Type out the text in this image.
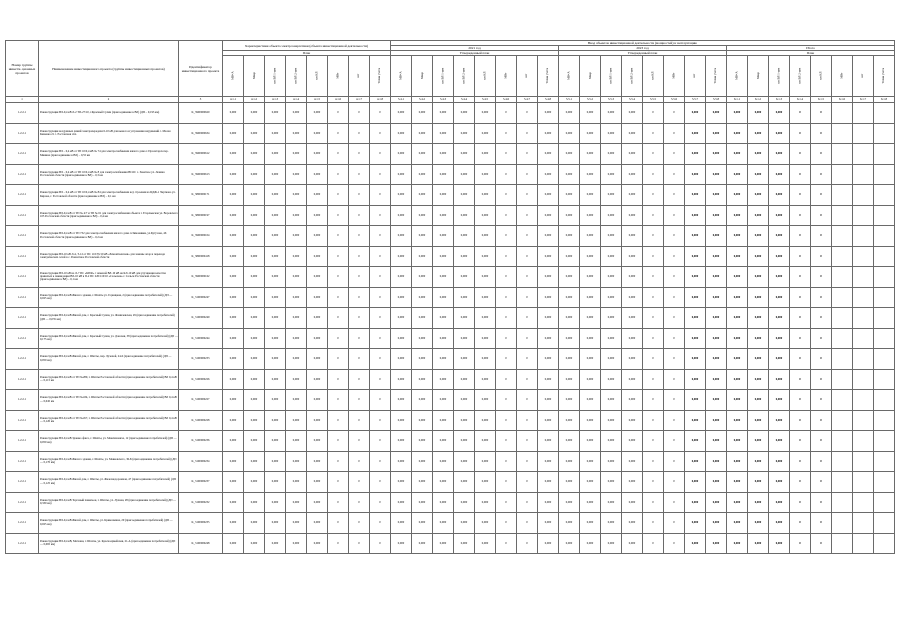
Номер группы инвести- ционных проектов	Наименование инвестиционного проекта (группы инвестиционных проектов)	Идентификатор инвестиционного проекта	Характеристики объекта электроэнергетики (объекта инвестиционной деятельности)								Ввод объектов инвестиционной деятельности (мощностей) в эксплуатацию																							
											2021 год								2023 год								Итого							
			План								Утвержденный план								Утвержденный план								План							
			МВ×А	Мвар	км ВЛ 1-цеп	км ВЛ 2-цеп	км КЛ	МВт	шт	Точки учета	МВ×А	Мвар	км ВЛ 1-цеп	км ВЛ 2-цеп	км КЛ	МВт	шт	Точки учета	МВ×А	Мвар	км ВЛ 1-цеп	км ВЛ 2-цеп	км КЛ	МВт	шт	Точки учета	МВ×А	Мвар	км ВЛ 1-цеп	км ВЛ 2-цеп	км КЛ	МВт	шт	Точки учета
1	2	3	4.1.1	4.1.2	4.1.3	4.1.4	4.1.5	4.1.6	4.1.7	4.1.8	5.4.1	5.4.2	5.4.3	5.4.4	5.4.5	5.4.6	5.4.7	5.4.8	5.5.1	5.5.2	5.5.3	5.5.4	5.5.5	5.5.6	5.5.7	5.5.8	6.1.1	6.1.2	6.1.3	6.1.4	6.1.5	6.1.6	6.1.7	6.1.8
1.2.2.1	Реконструкция ВЛ-0,4 кВ Л-2 ТП-27/10, г.Красный Сулин (присоединение к ВЛ) (ДП – 0,193 км)	K_3900000620	0,000	0,000	0,000	0,000	0,000	0	0	0	0,000	0,000	0,000	0,000	0,000	0	0	0,000	0,000	0,000	0,000	0,000	0	0	0,000	0,000	0,000	0,000	0,000	0	0			
1.2.2.1	Реконструкция воздушных линий электропередачи 6-10 кВ для выноса и устранения нарушений с. Малая Каменка 21 с. Ростовская обл.	K_3900000634	0,000	0,000	0,000	0,000	0,000	0	0	0	0,000	0,000	0,000	0,000	0,000	0	0	0,000	0,000	0,000	0,000	0,000	0	0	0,000	0,000	0,000	0,000	0,000	0	0			
1.2.2.1	Реконструкция ВЛ – 0,4 кВ от ТП 10/0,4 кВ № 74 для электроснабжения жилого дома г. Пролетарск пер. Минина (присоединение к ВЛ) – 0,55 км	K_3900000612	0,000	0,000	0,000	0,000	0,000	0	0	0	0,000	0,000	0,000	0,000	0,000	0	0	0,000	0,000	0,000	0,000	0,000	0	0	0,000	0,000	0,000	0,000	0,000	0	0			
1.2.2.1	Реконструкция ВЛ – 0,4 кВ от ТП 10/0,4 кВ № 8 для электроснабжения ВСОС с. Заветное ул. Ленина Ростовской области (присоединение к ВЛ) – 0,3 км	K_3900000613	0,000	0,000	0,000	0,000	0,000	0	0	0	0,000	0,000	0,000	0,000	0,000	0	0	0,000	0,000	0,000	0,000	0,000	0	0	0,000	0,000	0,000	0,000	0,000	0	0			
1.2.2.1	Реконструкция ВЛ – 0,4 кВ от ТП 10/0,4 кВ № 84 для электроснабжения ж/д строения на ЦДЖ-1 Чертково ул. Кирова, г. Ростовской области (присоединение к ВЛ) – 0,1 км	K_3800000171	0,000	0,000	0,000	0,000	0,000	0	0	0	0,000	0,000	0,000	0,000	0,000	0	0	0,000	0,000	0,000	0,000	0,000	0	0	0,000	0,000	0,000	0,000	0,000	0	0			
1.2.2.1	Реконструкция ВЛ-0,4 кВ от ТП № 4/7 и ТП № 61 для электроснабжения объекта г. Егорлыкская ул. Воровского 105 Ростовской области (присоединение к ВЛ) – 0,4 км	K_3800000197	0,000	0,000	0,000	0,000	0,000	0	0	0	0,000	0,000	0,000	0,000	0,000	0	0	0,000	0,000	0,000	0,000	0,000	0	0	0,000	0,000	0,000	0,000	0,000	0	0			
1.2.2.1	Реконструкция ВЛ-0,4 кВ от ТП 732 для электроснабжения жилого дома п.Зимовники, ул.Кутузова, 46 Ростовской области (присоединение к ВЛ) – 0,2 км	K_3900000104	0,000	0,000	0,000	0,000	0,000	0	0	0	0,000	0,000	0,000	0,000	0,000	0	0	0,000	0,000	0,000	0,000	0,000	0	0	0,000	0,000	0,000	0,000	0,000	0	0			
1.2.2.1	Реконструкция ВЛ-10 кВ Л-4, Т-12 от ПС 110/35/10 кВ «Ремонтненская» для замены опор и перевода электрических сетей в с. Ремонтное Ростовской области	K_3800000418	0,000	0,000	0,000	0,000	0,000	0	0	0	0,000	0,000	0,000	0,000	0,000	0	0	0,000	0,000	0,000	0,000	0,000	0	0	0,000	0,000	0,000	0,000	0,000	0	0			
1.2.2.1	Реконструкция ВЛ-10 кВ на Л-7 ПС «КПФ» с заменой ВЛ-10 кВ на КЛ-10 кВ для улучшения качества принятых к ликвидации ВЛ-10 кВ в П-2 ПС 220/110/10 «Сальская» г. Сальск Ростовской области (присоединение к ВЛ) – 0,1 км	K_3900000162	0,000	0,000	0,000	0,000	0,000	0	0	0	0,000	0,000	0,000	0,000	0,000	0	0	0,000	0,000	0,000	0,000	0,000	0	0	0,000	0,000	0,000	0,000	0,000	0	0			
1.2.2.1	Реконструкция ВЛ-0,4 кВ Жилого здания, г. Шахты ул. Горняцкая, 2 (присоединение потребителей) (ДП — 0,025 км)	K_3100000247	0,000	0,000	0,000	0,000	0,000	0	0	0	0,000	0,000	0,000	0,000	0,000	0	0	0,000	0,000	0,000	0,000	0,000	0	0	0,000	0,000	0,000	0,000	0,000	0	0			
1.2.2.1	Реконструкция ВЛ-0,4 кВ Жилой дом, г. Красный Сулин, ул. Фомичевская, 29 (присоединение потребителей) (ДП — 0,035 км)	K_3100000249	0,000	0,000	0,000	0,000	0,000	0	0	0	0,000	0,000	0,000	0,000	0,000	0	0	0,000	0,000	0,000	0,000	0,000	0	0	0,000	0,000	0,000	0,000	0,000	0	0			
1.2.2.1	Реконструкция ВЛ-0,4 кВ Жилой дом, г. Красный Сулин, ул. Донская, 38 (присоединение потребителей) (ДП — 0,175 км)	K_3100000244	0,000	0,000	0,000	0,000	0,000	0	0	0	0,000	0,000	0,000	0,000	0,000	0	0	0,000	0,000	0,000	0,000	0,000	0	0	0,000	0,000	0,000	0,000	0,000	0	0			
1.2.2.1	Реконструкция ВЛ-0,4 кВ Жилой дом, г. Шахты, пер. Лучевой, 24-6 (присоединение потребителей) (ДП — 0,050 км)	K_3100000233	0,000	0,000	0,000	0,000	0,000	0	0	0	0,000	0,000	0,000	0,000	0,000	0	0	0,000	0,000	0,000	0,000	0,000	0	0	0,000	0,000	0,000	0,000	0,000	0	0			
1.2.2.1	Реконструкция ВЛ-0,4 кВ от ТП №280, г. Шахты Ростовской области (присоединение потребителей) ВЛ 0,4 кВ — 0,115 км	K_3100000226	0,000	0,000	0,000	0,000	0,000	0	0	0	0,000	0,000	0,000	0,000	0,000	0	0	0,000	0,000	0,000	0,000	0,000	0	0	0,000	0,000	0,000	0,000	0,000	0	0			
1.2.2.1	Реконструкция ВЛ-0,4 кВ от ТП №434, г. Шахты Ростовской области (присоединение потребителей) ВЛ 0,4 кВ — 0,045 км	K_3100000227	0,000	0,000	0,000	0,000	0,000	0	0	0	0,000	0,000	0,000	0,000	0,000	0	0	0,000	0,000	0,000	0,000	0,000	0	0	0,000	0,000	0,000	0,000	0,000	0	0			
1.2.2.1	Реконструкция ВЛ-0,4 кВ от ТП №457, г. Шахты Ростовской области (присоединение потребителей) ВЛ 0,4 кВ — 0,120 км	K_3100000228	0,000	0,000	0,000	0,000	0,000	0	0	0	0,000	0,000	0,000	0,000	0,000	0	0	0,000	0,000	0,000	0,000	0,000	0	0	0,000	0,000	0,000	0,000	0,000	0	0			
1.2.2.1	Реконструкция ВЛ-0,4 кВ Здание офиса, г. Шахты, ул. Максимовича, 12 (присоединение потребителей) (ДП — 0,050 км)	K_3100000236	0,000	0,000	0,000	0,000	0,000	0	0	0	0,000	0,000	0,000	0,000	0,000	0	0	0,000	0,000	0,000	0,000	0,000	0	0	0,000	0,000	0,000	0,000	0,000	0	0			
1.2.2.1	Реконструкция ВЛ-0,4 кВ Жилого здания, г. Шахты, ул. Маяковского, 36-Б (присоединение потребителей) (ДП — 0,170 км)	K_3100000234	0,000	0,000	0,000	0,000	0,000	0	0	0	0,000	0,000	0,000	0,000	0,000	0	0	0,000	0,000	0,000	0,000	0,000	0	0	0,000	0,000	0,000	0,000	0,000	0	0			
1.2.2.1	Реконструкция ВЛ-0,4 кВ Жилой дом, г. Шахты, ул. Железнодорожная, 47 (присоединение потребителей) (ДП — 0,125 км)	K_3100000237	0,000	0,000	0,000	0,000	0,000	0	0	0	0,000	0,000	0,000	0,000	0,000	0	0	0,000	0,000	0,000	0,000	0,000	0	0	0,000	0,000	0,000	0,000	0,000	0	0			
1.2.2.1	Реконструкция ВЛ-0,4 кВ Торговый павильон, г. Шахты, ул. Лучная, 28 (присоединение потребителей) (ДП — 0,330 км)	K_3100000232	0,000	0,000	0,000	0,000	0,000	0	0	0	0,000	0,000	0,000	0,000	0,000	0	0	0,000	0,000	0,000	0,000	0,000	0	0	0,000	0,000	0,000	0,000	0,000	0	0			
1.2.2.1	Реконструкция ВЛ-0,4 кВ Жилой дом, г. Шахты, ул. Кривошеина, 29 (присоединение потребителей) (ДП — 0,025 км)	K_3100000235	0,000	0,000	0,000	0,000	0,000	0	0	0	0,000	0,000	0,000	0,000	0,000	0	0	0,000	0,000	0,000	0,000	0,000	0	0	0,000	0,000	0,000	0,000	0,000	0	0			
1.2.2.1	Реконструкция ВЛ-0,4 кВ, Магазин, г. Шахты, ул. Красноармейская, 21-А (присоединение потребителей) (ДП — 0,065 км)	K_3100000248	0,000	0,000	0,000	0,000	0,000	0	0	0	0,000	0,000	0,000	0,000	0,000	0	0	0,000	0,000	0,000	0,000	0,000	0	0	0,000	0,000	0,000	0,000	0,000	0	0			
